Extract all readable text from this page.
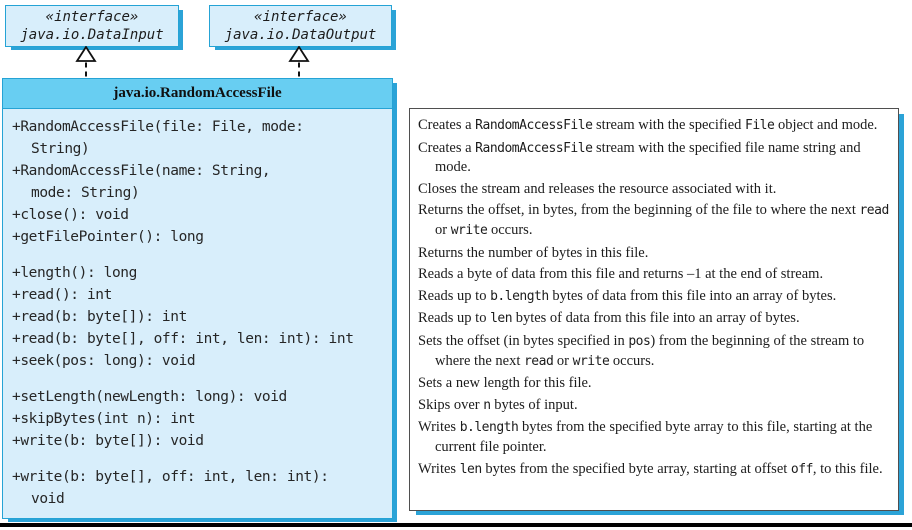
«interface»
java.io.DataInput
«interface»
java.io.DataOutput
java.io.RandomAccessFile
+RandomAccessFile(file: File, mode:
String)
+RandomAccessFile(name: String,
mode: String)
+close(): void
+getFilePointer(): long
+length(): long
+read(): int
+read(b: byte[]): int
+read(b: byte[], off: int, len: int): int
+seek(pos: long): void
+setLength(newLength: long): void
+skipBytes(int n): int
+write(b: byte[]): void
+write(b: byte[], off: int, len: int):
void
Creates a RandomAccessFile stream with the specified File object and mode.
Creates a RandomAccessFile stream with the specified file name string and mode.
Closes the stream and releases the resource associated with it.
Returns the offset, in bytes, from the beginning of the file to where the next read or write occurs.
Returns the number of bytes in this file.
Reads a byte of data from this file and returns –1 at the end of stream.
Reads up to b.length bytes of data from this file into an array of bytes.
Reads up to len bytes of data from this file into an array of bytes.
Sets the offset (in bytes specified in pos) from the beginning of the stream to where the next read or write occurs.
Sets a new length for this file.
Skips over n bytes of input.
Writes b.length bytes from the specified byte array to this file, starting at the current file pointer.
Writes len bytes from the specified byte array, starting at offset off, to this file.
